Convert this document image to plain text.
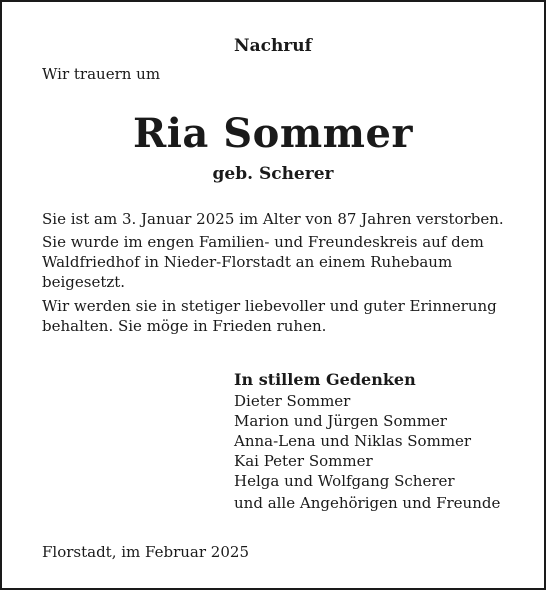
Nachruf
Wir trauern um
Ria Sommer
geb. Scherer
Sie ist am 3. Januar 2025 im Alter von 87 Jahren verstorben.
Sie wurde im engen Familien- und Freundeskreis auf dem Waldfriedhof in Nieder-Florstadt an einem Ruhebaum beigesetzt.
Wir werden sie in stetiger liebevoller und guter Erinnerung behalten. Sie möge in Frieden ruhen.
In stillem Gedenken
Dieter Sommer
Marion und Jürgen Sommer
Anna-Lena und Niklas Sommer
Kai Peter Sommer
Helga und Wolfgang Scherer
und alle Angehörigen und Freunde
Florstadt, im Februar 2025
